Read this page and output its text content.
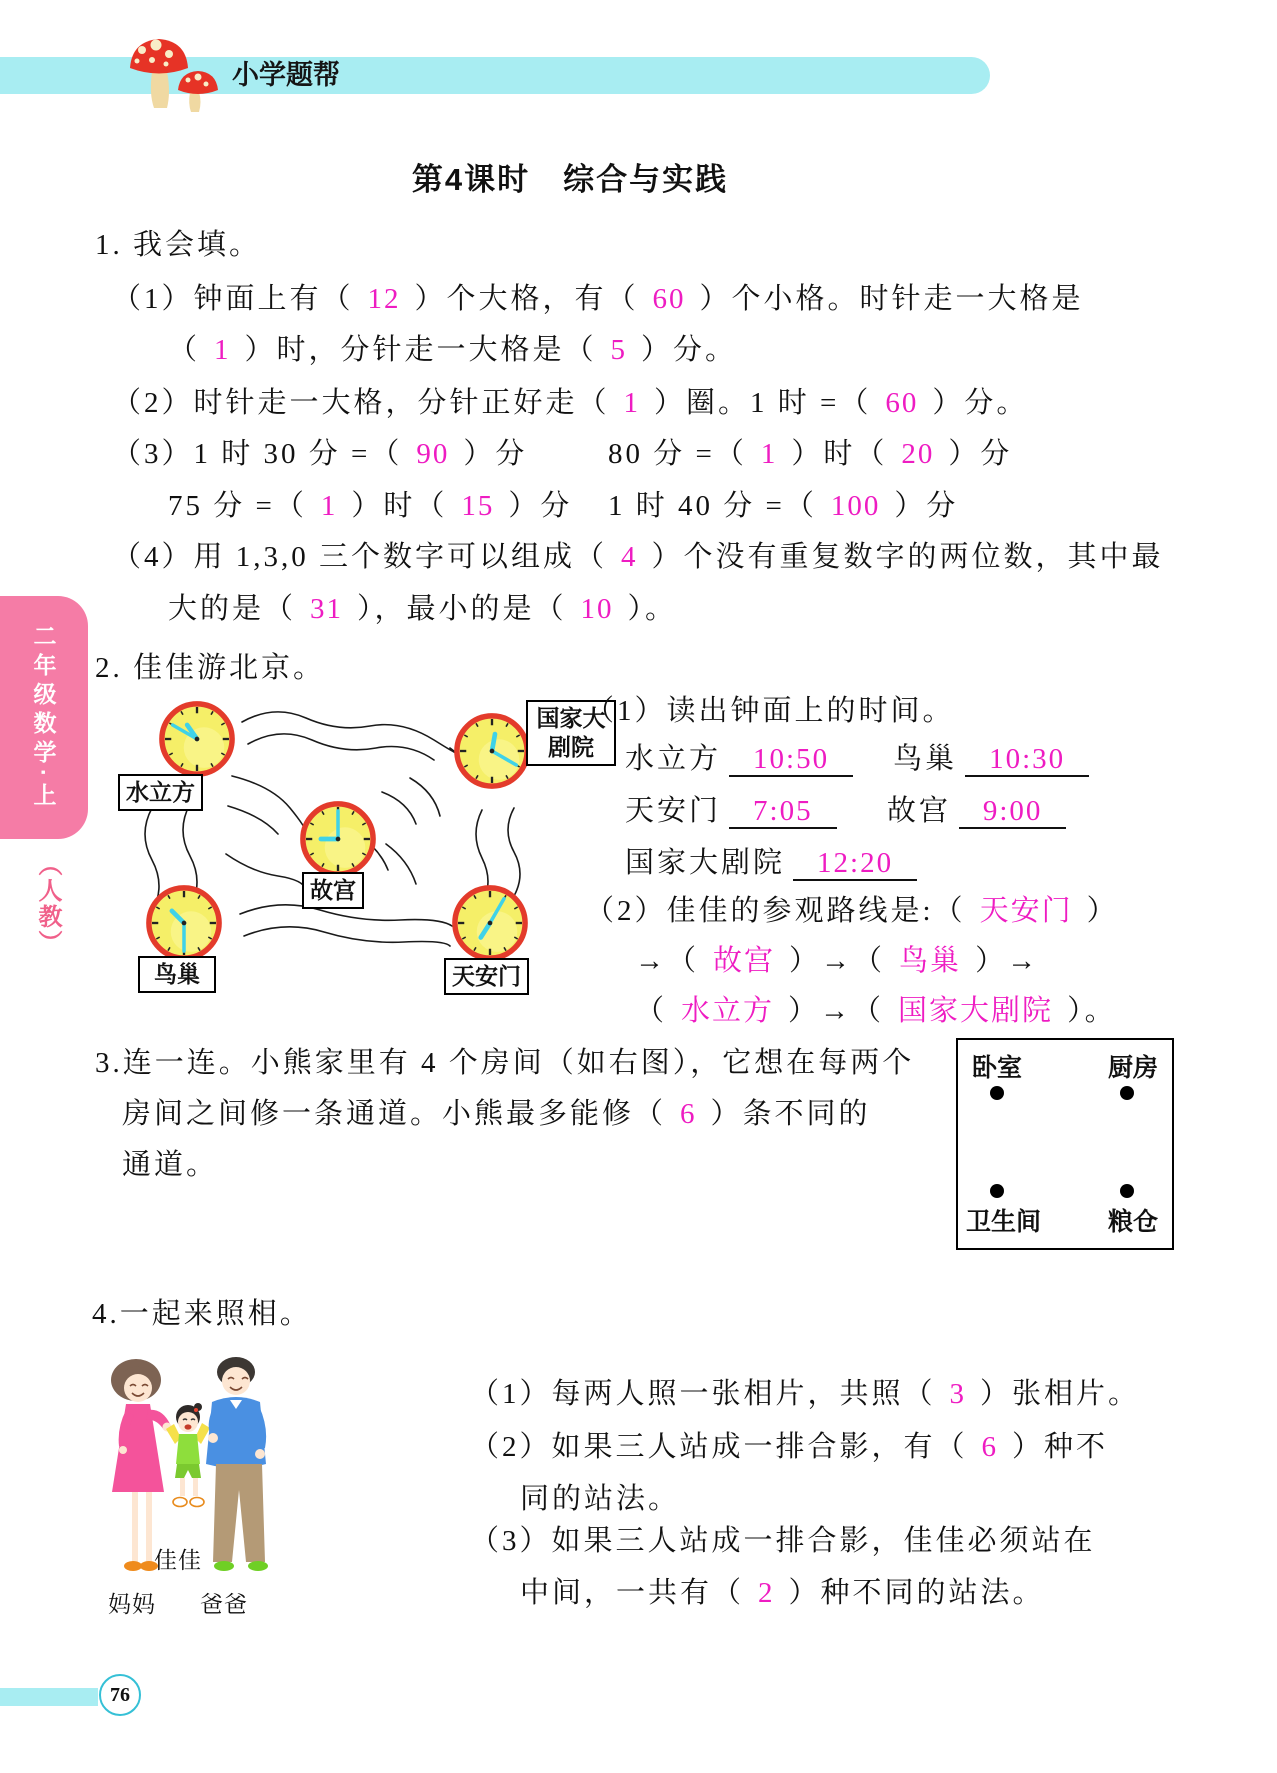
小学题帮
二年级数学·上
（人教）
第4课时　综合与实践
1. 我会填。
（1）钟面上有（ 12 ）个大格，有（ 60 ）个小格。时针走一大格是
（ 1 ）时，分针走一大格是（ 5 ）分。
（2）时针走一大格，分针正好走（ 1 ）圈。1 时 =（ 60 ）分。
（3）1 时 30 分 =（ 90 ）分	80 分 =（ 1 ）时（ 20 ）分
75 分 =（ 1 ）时（ 15 ）分 1 时 40 分 =（ 100 ）分
（4）用 1,3,0 三个数字可以组成（ 4 ）个没有重复数字的两位数，其中最
大的是（ 31 ），最小的是（ 10 ）。
2. 佳佳游北京。
水立方
国家大剧院
故宫
鸟巢	天安门
（1）读出钟面上的时间。
水立方 10:50　鸟巢 10:30
天安门 7:05　 故宫 9:00
国家大剧院 12:20
（2）佳佳的参观路线是:（ 天安门 ）
→（ 故宫 ）→（ 鸟巢 ）→
（ 水立方 ）→（ 国家大剧院 ）。
3.连一连。小熊家里有 4 个房间（如右图），它想在每两个
房间之间修一条通道。小熊最多能修（ 6 ）条不同的
通道。
卧室	厨房
卫生间	粮仓
4.一起来照相。
佳佳
妈妈 爸爸
（1）每两人照一张相片，共照（ 3 ）张相片。
（2）如果三人站成一排合影，有（ 6 ）种不
同的站法。
（3）如果三人站成一排合影，佳佳必须站在
中间，一共有（ 2 ）种不同的站法。
76
